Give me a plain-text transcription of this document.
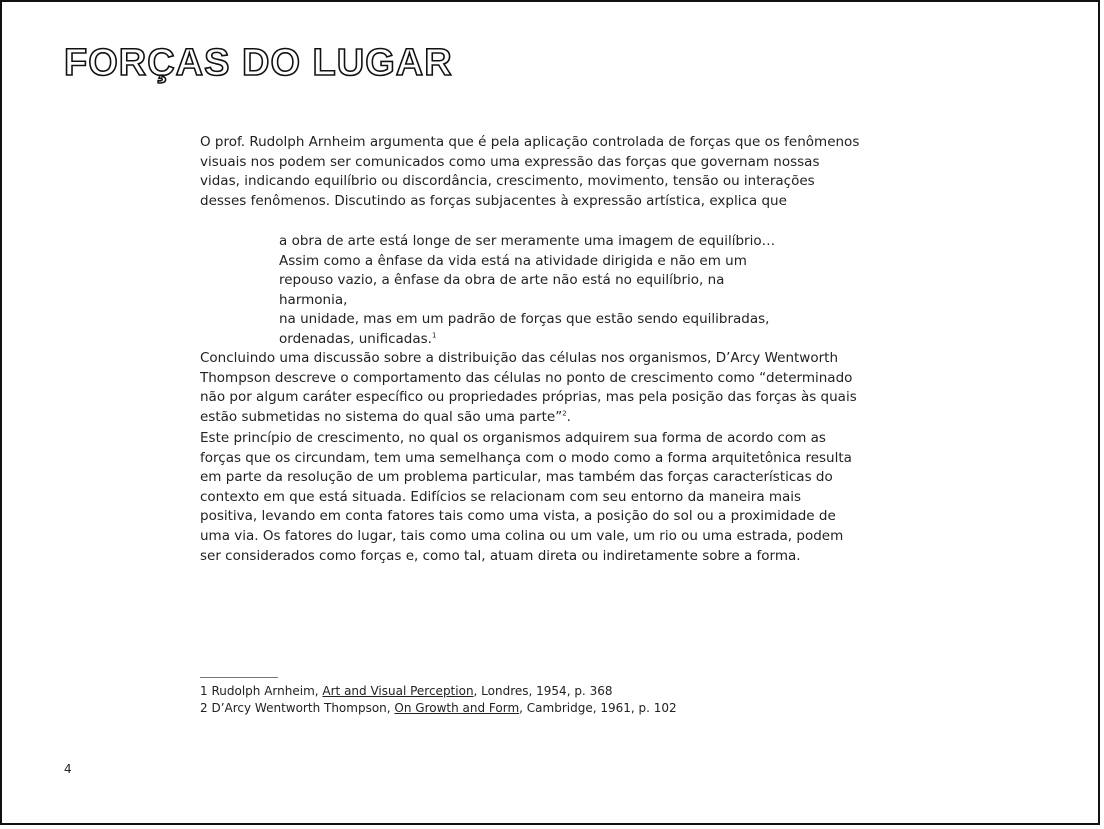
FORÇAS DO LUGAR

O prof. Rudolph Arnheim argumenta que é pela aplicação controlada de forças que os fenômenos visuais nos podem ser comunicados como uma expressão das forças que governam nossas vidas, indicando equilíbrio ou discordância, crescimento, movimento, tensão ou interações desses fenômenos. Discutindo as forças subjacentes à expressão artística, explica que

a obra de arte está longe de ser meramente uma imagem de equilíbrio…
Assim como a ênfase da vida está na atividade dirigida e não em um
repouso vazio, a ênfase da obra de arte não está no equilíbrio, na harmonia,
na unidade, mas em um padrão de forças que estão sendo equilibradas,
ordenadas, unificadas.$^1$

Concluindo uma discussão sobre a distribuição das células nos organismos, D’Arcy Wentworth Thompson descreve o comportamento das células no ponto de crescimento como “determinado não por algum caráter específico ou propriedades próprias, mas pela posição das forças às quais estão submetidas no sistema do qual são uma parte”$^2$.

Este princípio de crescimento, no qual os organismos adquirem sua forma de acordo com as forças que os circundam, tem uma semelhança com o modo como a forma arquitetônica resulta em parte da resolução de um problema particular, mas também das forças características do contexto em que está situada. Edifícios se relacionam com seu entorno da maneira mais positiva, levando em conta fatores tais como uma vista, a posição do sol ou a proximidade de uma via. Os fatores do lugar, tais como uma colina ou um vale, um rio ou uma estrada, podem ser considerados como forças e, como tal, atuam direta ou indiretamente sobre a forma.

1 Rudolph Arnheim, Art and Visual Perception, Londres, 1954, p. 368
2 D’Arcy Wentworth Thompson, On Growth and Form, Cambridge, 1961, p. 102
4
